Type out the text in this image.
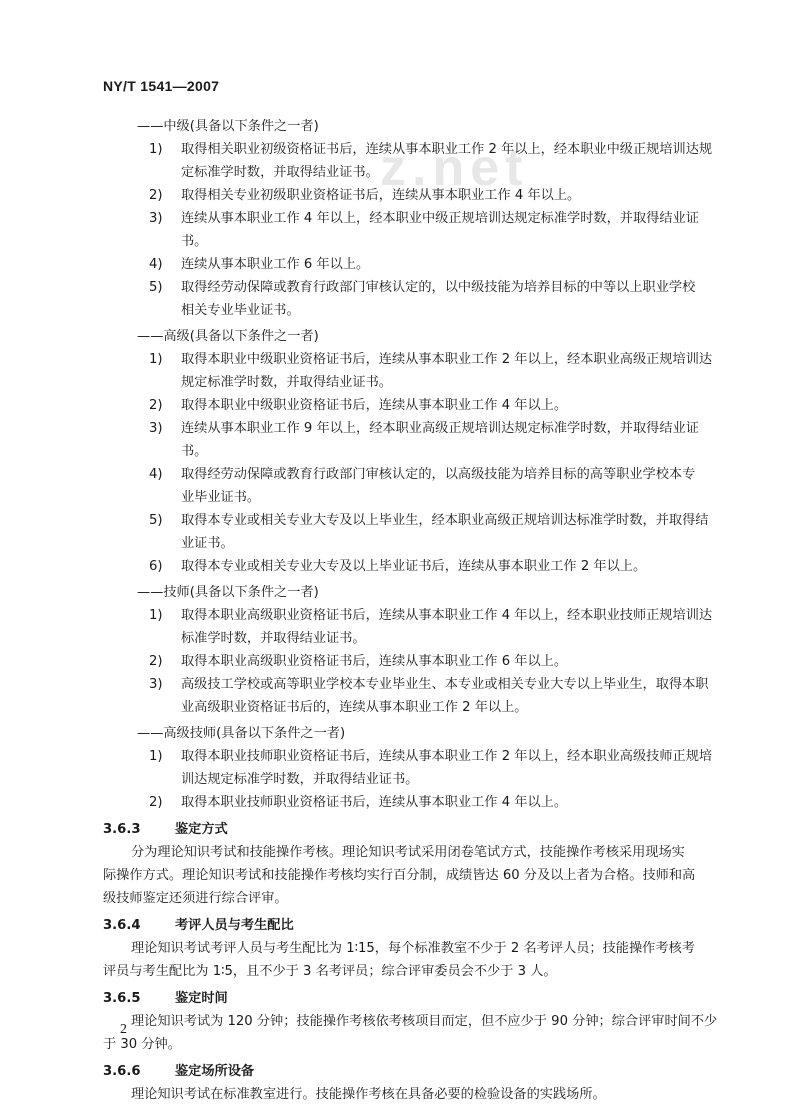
NY/T 1541—2007
z.net
——中级(具备以下条件之一者)
1) 取得相关职业初级资格证书后，连续从事本职业工作 2 年以上，经本职业中级正规培训达规
定标准学时数，并取得结业证书。
2) 取得相关专业初级职业资格证书后，连续从事本职业工作 4 年以上。
3) 连续从事本职业工作 4 年以上，经本职业中级正规培训达规定标准学时数，并取得结业证
书。
4) 连续从事本职业工作 6 年以上。
5) 取得经劳动保障或教育行政部门审核认定的，以中级技能为培养目标的中等以上职业学校
相关专业毕业证书。
——高级(具备以下条件之一者)
1) 取得本职业中级职业资格证书后，连续从事本职业工作 2 年以上，经本职业高级正规培训达
规定标准学时数，并取得结业证书。
2) 取得本职业中级职业资格证书后，连续从事本职业工作 4 年以上。
3) 连续从事本职业工作 9 年以上，经本职业高级正规培训达规定标准学时数，并取得结业证
书。
4) 取得经劳动保障或教育行政部门审核认定的，以高级技能为培养目标的高等职业学校本专
业毕业证书。
5) 取得本专业或相关专业大专及以上毕业生，经本职业高级正规培训达标准学时数，并取得结
业证书。
6) 取得本专业或相关专业大专及以上毕业证书后，连续从事本职业工作 2 年以上。
——技师(具备以下条件之一者)
1) 取得本职业高级职业资格证书后，连续从事本职业工作 4 年以上，经本职业技师正规培训达
标准学时数，并取得结业证书。
2) 取得本职业高级职业资格证书后，连续从事本职业工作 6 年以上。
3) 高级技工学校或高等职业学校本专业毕业生、本专业或相关专业大专以上毕业生，取得本职
业高级职业资格证书后的，连续从事本职业工作 2 年以上。
——高级技师(具备以下条件之一者)
1) 取得本职业技师职业资格证书后，连续从事本职业工作 2 年以上，经本职业高级技师正规培
训达规定标准学时数，并取得结业证书。
2) 取得本职业技师职业资格证书后，连续从事本职业工作 4 年以上。
3.6.3	鉴定方式
分为理论知识考试和技能操作考核。理论知识考试采用闭卷笔试方式，技能操作考核采用现场实
际操作方式。理论知识考试和技能操作考核均实行百分制，成绩皆达 60 分及以上者为合格。技师和高
级技师鉴定还须进行综合评审。
3.6.4	考评人员与考生配比
理论知识考试考评人员与考生配比为 1∶15，每个标准教室不少于 2 名考评人员；技能操作考核考
评员与考生配比为 1∶5，且不少于 3 名考评员；综合评审委员会不少于 3 人。
3.6.5	鉴定时间
理论知识考试为 120 分钟；技能操作考核依考核项目而定，但不应少于 90 分钟；综合评审时间不少
于 30 分钟。
3.6.6	鉴定场所设备
理论知识考试在标准教室进行。技能操作考核在具备必要的检验设备的实践场所。
2
